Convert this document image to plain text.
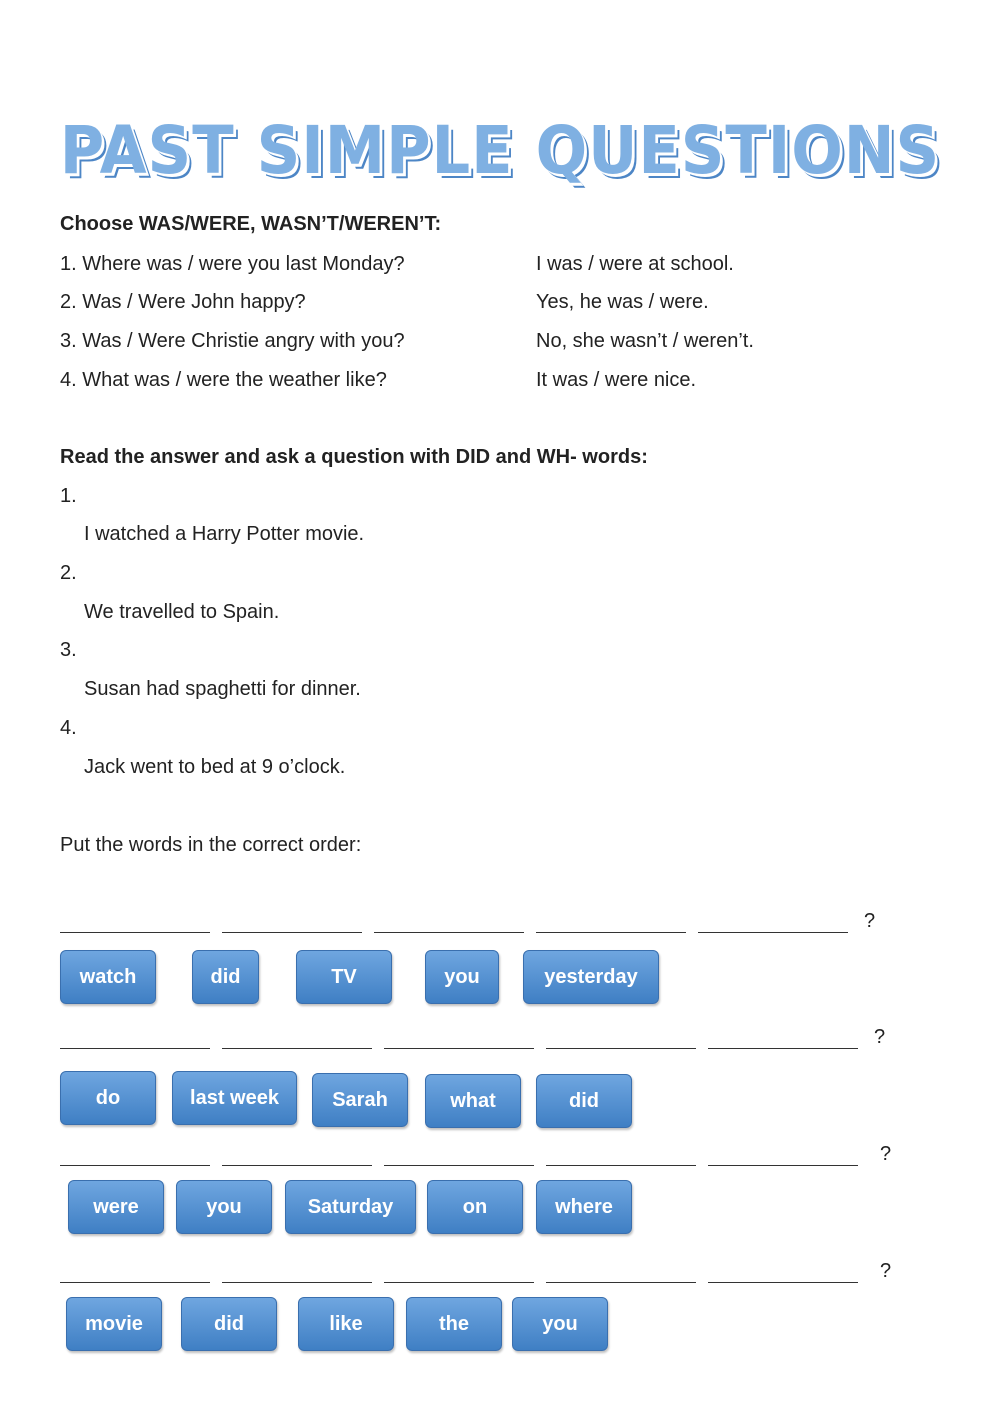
PAST SIMPLE QUESTIONS
Choose WAS/WERE, WASN’T/WEREN’T:
1. Where was / were you last Monday?	I was / were at school.
2. Was / Were John happy?	Yes, he was / were.
3. Was / Were Christie angry with you?	No, she wasn’t / weren’t.
4. What was / were the weather like?	It was / were nice.
Read the answer and ask a question with DID and WH- words:
1.
I watched a Harry Potter movie.
2.
We travelled to Spain.
3.
Susan had spaghetti for dinner.
4.
Jack went to bed at 9 o’clock.
Put the words in the correct order:
?
watch	did	TV	you	yesterday
?
do	last week	Sarah	what	did
?
were	you	Saturday	on	where
?
movie	did	like	the	you
